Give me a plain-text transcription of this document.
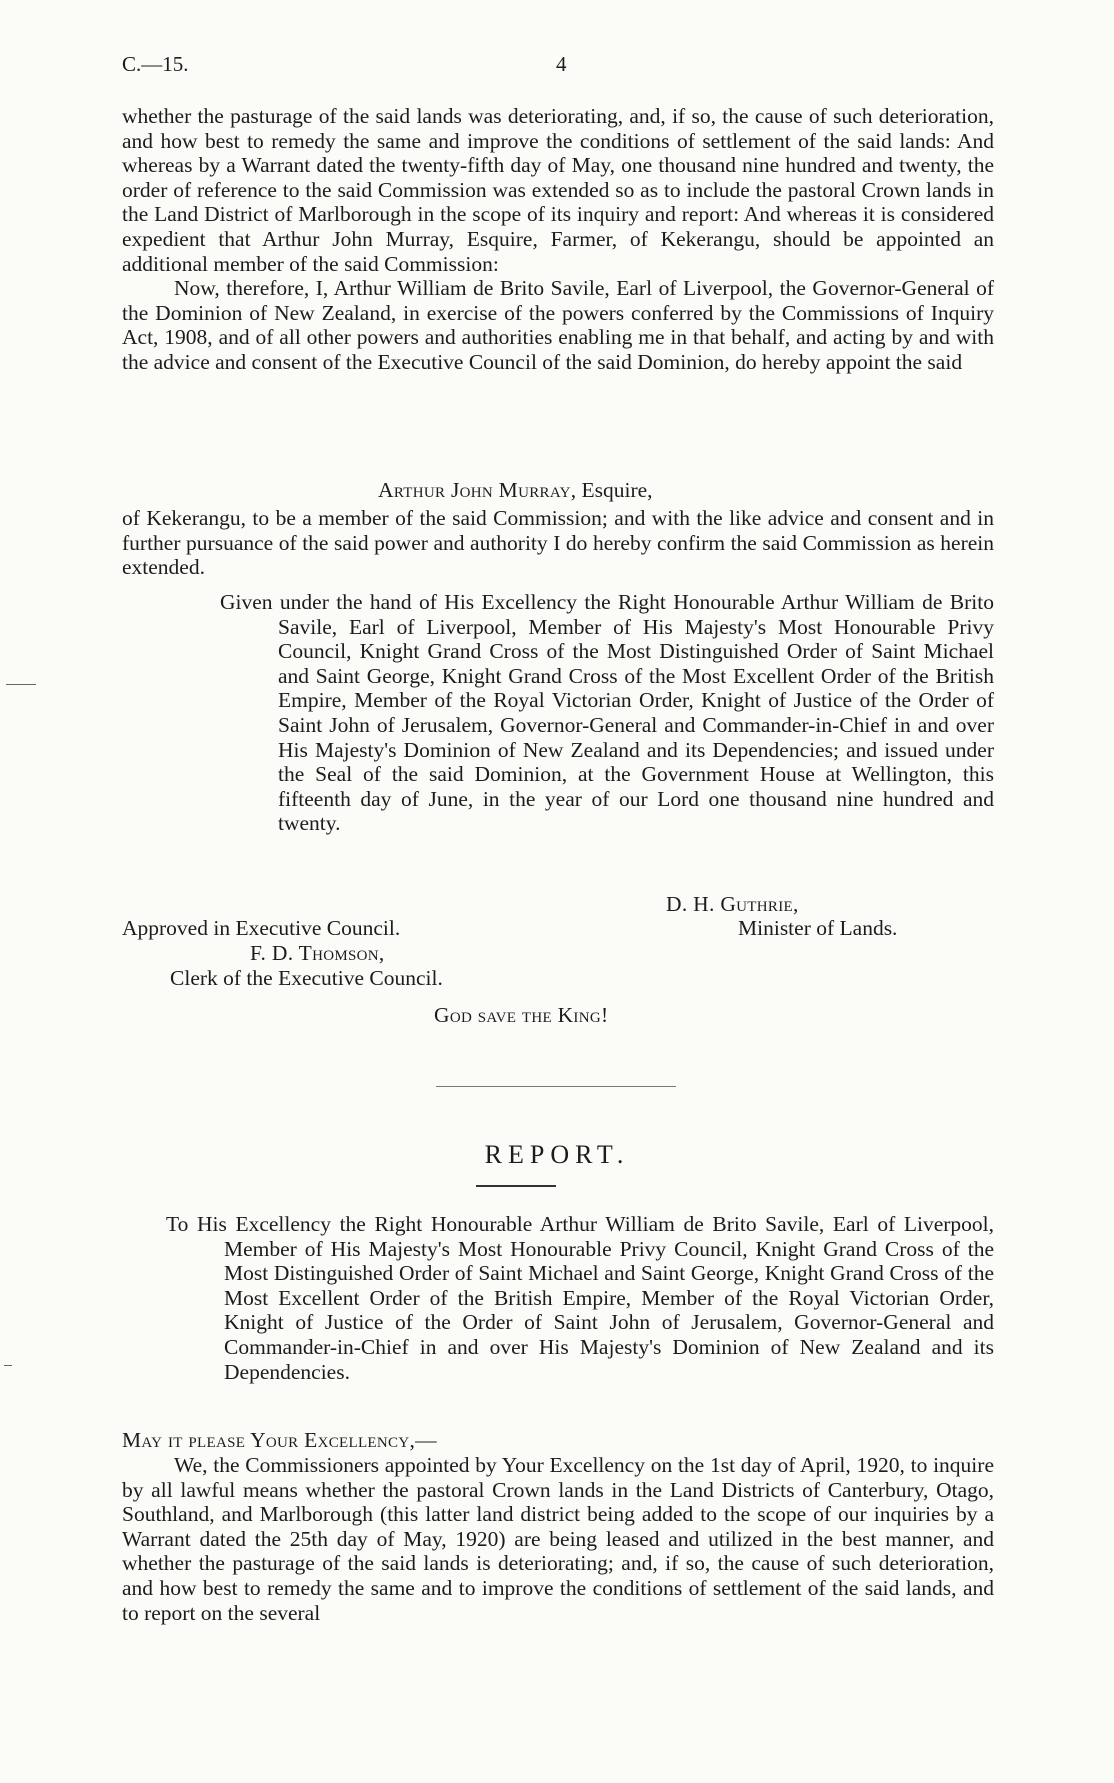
C.—15.	4

whether the pasturage of the said lands was deteriorating, and, if so, the cause of such deterioration, and how best to remedy the same and improve the conditions of settlement of the said lands: And whereas by a Warrant dated the twenty-fifth day of May, one thousand nine hundred and twenty, the order of reference to the said Commission was extended so as to include the pastoral Crown lands in the Land District of Marlborough in the scope of its inquiry and report: And whereas it is considered expedient that Arthur John Murray, Esquire, Farmer, of Kekerangu, should be appointed an additional member of the said Commission:

Now, therefore, I, Arthur William de Brito Savile, Earl of Liverpool, the Governor-General of the Dominion of New Zealand, in exercise of the powers conferred by the Commissions of Inquiry Act, 1908, and of all other powers and authorities enabling me in that behalf, and acting by and with the advice and consent of the Executive Council of the said Dominion, do hereby appoint the said

Arthur John Murray, Esquire,

of Kekerangu, to be a member of the said Commission; and with the like advice and consent and in further pursuance of the said power and authority I do hereby confirm the said Commission as herein extended.

Given under the hand of His Excellency the Right Honourable Arthur William de Brito Savile, Earl of Liverpool, Member of His Majesty's Most Honourable Privy Council, Knight Grand Cross of the Most Distinguished Order of Saint Michael and Saint George, Knight Grand Cross of the Most Excellent Order of the British Empire, Member of the Royal Victorian Order, Knight of Justice of the Order of Saint John of Jerusalem, Governor-General and Commander-in-Chief in and over His Majesty's Dominion of New Zealand and its Dependencies; and issued under the Seal of the said Dominion, at the Government House at Wellington, this fifteenth day of June, in the year of our Lord one thousand nine hundred and twenty.

D. H. Guthrie,
Minister of Lands.
Approved in Executive Council.
F. D. Thomson,
Clerk of the Executive Council.
God save the King!
REPORT.

To His Excellency the Right Honourable Arthur William de Brito Savile, Earl of Liverpool, Member of His Majesty's Most Honourable Privy Council, Knight Grand Cross of the Most Distinguished Order of Saint Michael and Saint George, Knight Grand Cross of the Most Excellent Order of the British Empire, Member of the Royal Victorian Order, Knight of Justice of the Order of Saint John of Jerusalem, Governor-General and Commander-in-Chief in and over His Majesty's Dominion of New Zealand and its Dependencies.

May it please Your Excellency,—

We, the Commissioners appointed by Your Excellency on the 1st day of April, 1920, to inquire by all lawful means whether the pastoral Crown lands in the Land Districts of Canterbury, Otago, Southland, and Marlborough (this latter land district being added to the scope of our inquiries by a Warrant dated the 25th day of May, 1920) are being leased and utilized in the best manner, and whether the pasturage of the said lands is deteriorating; and, if so, the cause of such deterioration, and how best to remedy the same and to improve the conditions of settlement of the said lands, and to report on the several
